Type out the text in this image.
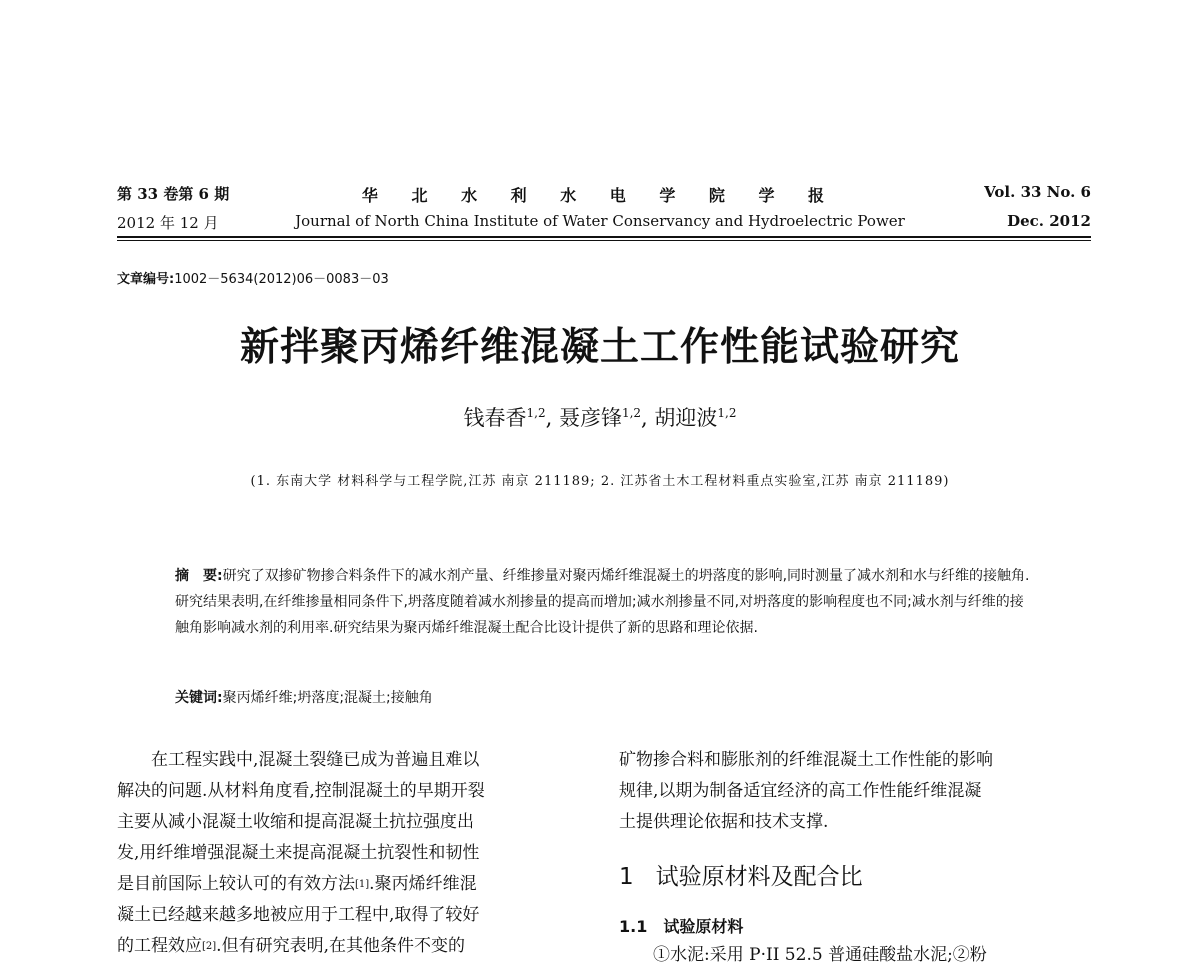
第 33 卷第 6 期	华 北 水 利 水 电 学 院 学 报	Vol. 33 No. 6
2012 年 12 月	Journal of North China Institute of Water Conservancy and Hydroelectric Power	Dec. 2012
文章编号:1002－5634(2012)06－0083－03
新拌聚丙烯纤维混凝土工作性能试验研究
钱春香$^{1,2}$, 聂彦锋$^{1,2}$, 胡迎波$^{1,2}$
(1. 东南大学 材料科学与工程学院,江苏 南京 211189; 2. 江苏省土木工程材料重点实验室,江苏 南京 211189)
摘　要:研究了双掺矿物掺合料条件下的减水剂产量、纤维掺量对聚丙烯纤维混凝土的坍落度的影响,同时测量了减水剂和水与纤维的接触角.研究结果表明,在纤维掺量相同条件下,坍落度随着减水剂掺量的提高而增加;减水剂掺量不同,对坍落度的影响程度也不同;减水剂与纤维的接触角影响减水剂的利用率.研究结果为聚丙烯纤维混凝土配合比设计提供了新的思路和理论依据.
关键词:聚丙烯纤维;坍落度;混凝土;接触角
　　在工程实践中,混凝土裂缝已成为普遍且难以
解决的问题.从材料角度看,控制混凝土的早期开裂
主要从减小混凝土收缩和提高混凝土抗拉强度出
发,用纤维增强混凝土来提高混凝土抗裂性和韧性
是目前国际上较认可的有效方法[1].聚丙烯纤维混
凝土已经越来越多地被应用于工程中,取得了较好
的工程效应[2].但有研究表明,在其他条件不变的
矿物掺合料和膨胀剂的纤维混凝土工作性能的影响
规律,以期为制备适宜经济的高工作性能纤维混凝
土提供理论依据和技术支撑.
1 试验原材料及配合比
1.1 试验原材料
　　①水泥:采用 P·II 52.5 普通硅酸盐水泥;②粉
